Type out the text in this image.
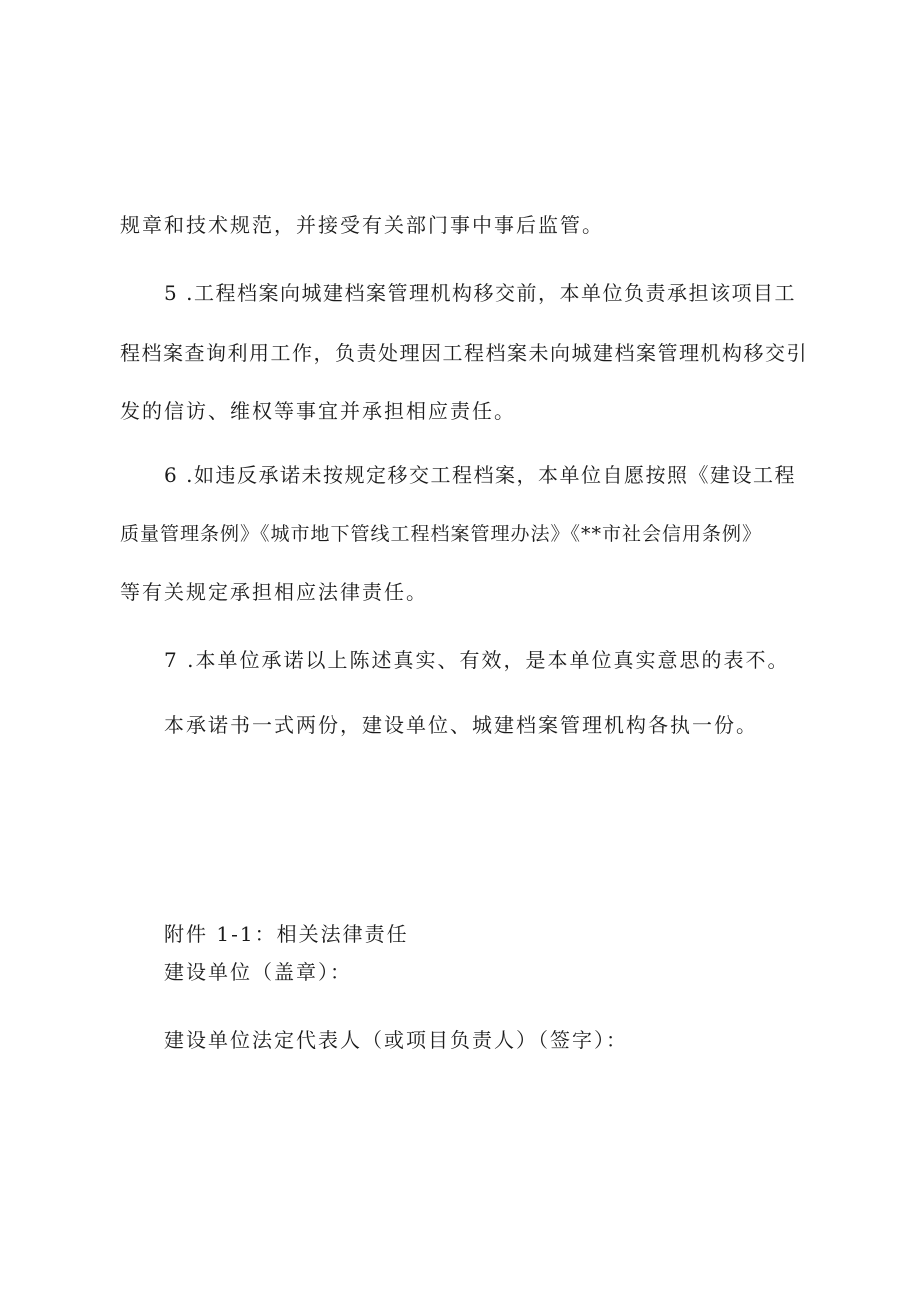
规章和技术规范，并接受有关部门事中事后监管。
5 .工程档案向城建档案管理机构移交前，本单位负责承担该项目工
程档案查询利用工作，负责处理因工程档案未向城建档案管理机构移交引
发的信访、维权等事宜并承担相应责任。
6 .如违反承诺未按规定移交工程档案，本单位自愿按照《建设工程
质量管理条例》《城市地下管线工程档案管理办法》《**市社会信用条例》
等有关规定承担相应法律责任。
7 .本单位承诺以上陈述真实、有效，是本单位真实意思的表不。
本承诺书一式两份，建设单位、城建档案管理机构各执一份。
附件 1-1：相关法律责任
建设单位（盖章）：
建设单位法定代表人（或项目负责人）（签字）：
